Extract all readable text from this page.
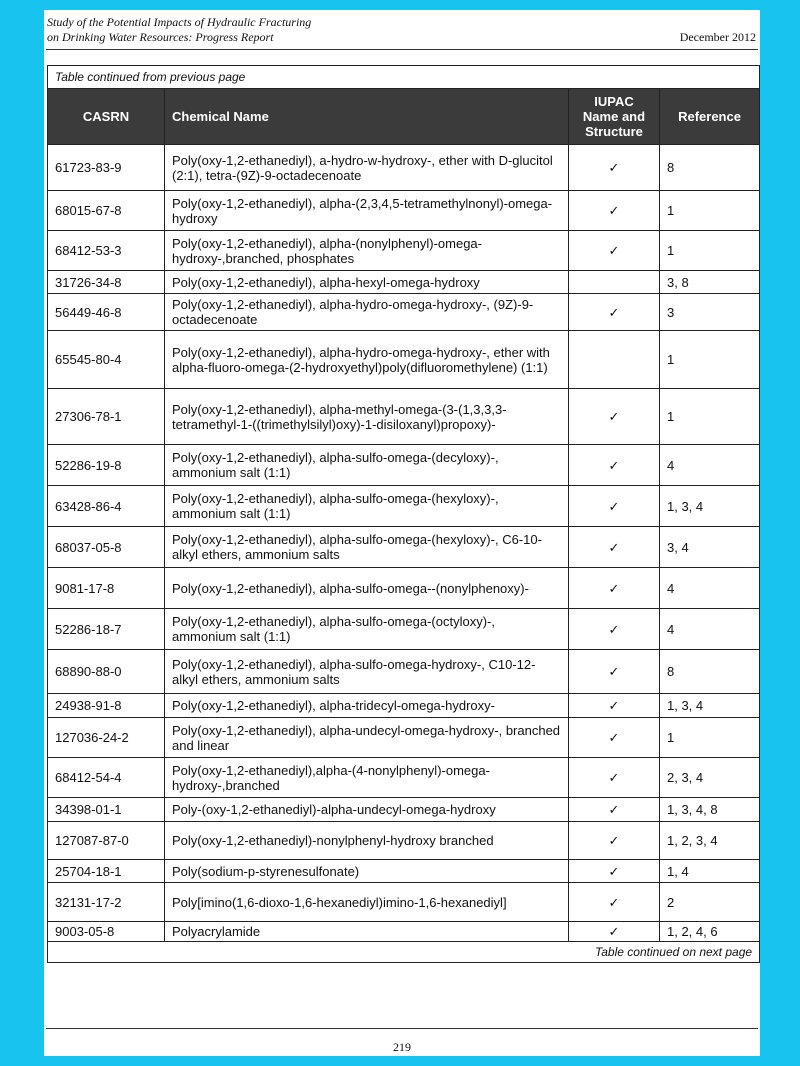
Study of the Potential Impacts of Hydraulic Fracturing
on Drinking Water Resources: Progress Report	December 2012
Table continued from previous page			
CASRN	Chemical Name	IUPAC Name and Structure	Reference
61723-83-9	Poly(oxy-1,2-ethanediyl), a-hydro-w-hydroxy-, ether with D-glucitol (2:1), tetra-(9Z)-9-octadecenoate	✓	8
68015-67-8	Poly(oxy-1,2-ethanediyl), alpha-(2,3,4,5-tetramethylnonyl)-omega-hydroxy	✓	1
68412-53-3	Poly(oxy-1,2-ethanediyl), alpha-(nonylphenyl)-omega-hydroxy-,branched, phosphates	✓	1
31726-34-8	Poly(oxy-1,2-ethanediyl), alpha-hexyl-omega-hydroxy		3, 8
56449-46-8	Poly(oxy-1,2-ethanediyl), alpha-hydro-omega-hydroxy-, (9Z)-9-octadecenoate	✓	3
65545-80-4	Poly(oxy-1,2-ethanediyl), alpha-hydro-omega-hydroxy-, ether with alpha-fluoro-omega-(2-hydroxyethyl)poly(difluoromethylene) (1:1)		1
27306-78-1	Poly(oxy-1,2-ethanediyl), alpha-methyl-omega-(3-(1,3,3,3-tetramethyl-1-((trimethylsilyl)oxy)-1-disiloxanyl)propoxy)-	✓	1
52286-19-8	Poly(oxy-1,2-ethanediyl), alpha-sulfo-omega-(decyloxy)-, ammonium salt (1:1)	✓	4
63428-86-4	Poly(oxy-1,2-ethanediyl), alpha-sulfo-omega-(hexyloxy)-, ammonium salt (1:1)	✓	1, 3, 4
68037-05-8	Poly(oxy-1,2-ethanediyl), alpha-sulfo-omega-(hexyloxy)-, C6-10-alkyl ethers, ammonium salts	✓	3, 4
9081-17-8	Poly(oxy-1,2-ethanediyl), alpha-sulfo-omega--(nonylphenoxy)-	✓	4
52286-18-7	Poly(oxy-1,2-ethanediyl), alpha-sulfo-omega-(octyloxy)-, ammonium salt (1:1)	✓	4
68890-88-0	Poly(oxy-1,2-ethanediyl), alpha-sulfo-omega-hydroxy-, C10-12-alkyl ethers, ammonium salts	✓	8
24938-91-8	Poly(oxy-1,2-ethanediyl), alpha-tridecyl-omega-hydroxy-	✓	1, 3, 4
127036-24-2	Poly(oxy-1,2-ethanediyl), alpha-undecyl-omega-hydroxy-, branched and linear	✓	1
68412-54-4	Poly(oxy-1,2-ethanediyl),alpha-(4-nonylphenyl)-omega-hydroxy-,branched	✓	2, 3, 4
34398-01-1	Poly-(oxy-1,2-ethanediyl)-alpha-undecyl-omega-hydroxy	✓	1, 3, 4, 8
127087-87-0	Poly(oxy-1,2-ethanediyl)-nonylphenyl-hydroxy branched	✓	1, 2, 3, 4
25704-18-1	Poly(sodium-p-styrenesulfonate)	✓	1, 4
32131-17-2	Poly[imino(1,6-dioxo-1,6-hexanediyl)imino-1,6-hexanediyl]	✓	2
9003-05-8	Polyacrylamide	✓	1, 2, 4, 6
Table continued on next page			
219
